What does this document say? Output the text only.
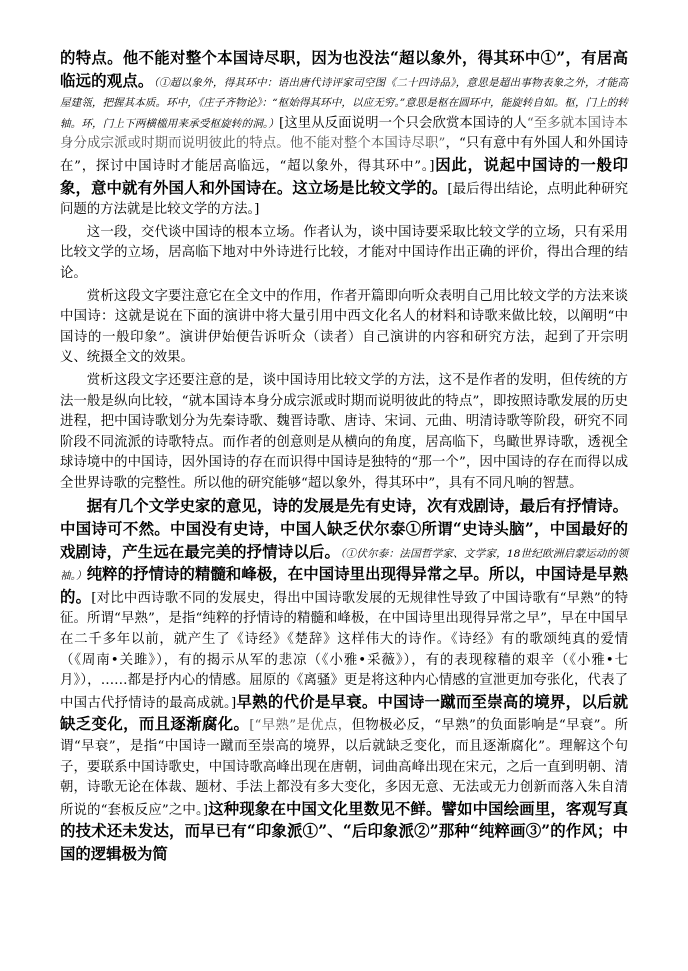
的特点。他不能对整个本国诗尽职，因为也没法“超以象外，得其环中①”，有居高临远的观点。（①超以象外，得其环中：语出唐代诗评家司空图《二十四诗品》，意思是超出事物表象之外，才能高屋建瓴，把握其本质。环中，《庄子齐物论》：“枢始得其环中，以应无穷。”意思是枢在圆环中，能旋转自如。枢，门上的转轴。环，门上下两横槛用来承受枢旋转的洞。）[这里从反面说明一个只会欣赏本国诗的人“至多就本国诗本身分成宗派或时期而说明彼此的特点。他不能对整个本国诗尽职”，“只有意中有外国人和外国诗在”，探讨中国诗时才能居高临远，“超以象外，得其环中”。]因此，说起中国诗的一般印象，意中就有外国人和外国诗在。这立场是比较文学的。[最后得出结论，点明此种研究问题的方法就是比较文学的方法。]

这一段，交代谈中国诗的根本立场。作者认为，谈中国诗要采取比较文学的立场，只有采用比较文学的立场，居高临下地对中外诗进行比较，才能对中国诗作出正确的评价，得出合理的结论。

赏析这段文字要注意它在全文中的作用，作者开篇即向听众表明自己用比较文学的方法来谈中国诗：这就是说在下面的演讲中将大量引用中西文化名人的材料和诗歌来做比较，以阐明“中国诗的一般印象”。演讲伊始便告诉听众（读者）自己演讲的内容和研究方法，起到了开宗明义、统摄全文的效果。

赏析这段文字还要注意的是，谈中国诗用比较文学的方法，这不是作者的发明，但传统的方法一般是纵向比较，“就本国诗本身分成宗派或时期而说明彼此的特点”，即按照诗歌发展的历史进程，把中国诗歌划分为先秦诗歌、魏晋诗歌、唐诗、宋词、元曲、明清诗歌等阶段，研究不同阶段不同流派的诗歌特点。而作者的创意则是从横向的角度，居高临下，鸟瞰世界诗歌，透视全球诗境中的中国诗，因外国诗的存在而识得中国诗是独特的“那一个”，因中国诗的存在而得以成全世界诗歌的完整性。所以他的研究能够“超以象外，得其环中”，具有不同凡响的智慧。

据有几个文学史家的意见，诗的发展是先有史诗，次有戏剧诗，最后有抒情诗。中国诗可不然。中国没有史诗，中国人缺乏伏尔泰①所谓“史诗头脑”，中国最好的戏剧诗，产生远在最完美的抒情诗以后。（①伏尔泰：法国哲学家、文学家，18世纪欧洲启蒙运动的领袖。）纯粹的抒情诗的精髓和峰极，在中国诗里出现得异常之早。所以，中国诗是早熟的。[对比中西诗歌不同的发展史，得出中国诗歌发展的无规律性导致了中国诗歌有“早熟”的特征。所谓“早熟”，是指“纯粹的抒情诗的精髓和峰极，在中国诗里出现得异常之早”，早在中国早在二千多年以前，就产生了《诗经》《楚辞》这样伟大的诗作。《诗经》有的歌颂纯真的爱情（《周南•关雎》），有的揭示从军的悲凉（《小雅•采薇》），有的表现稼穑的艰辛（《小雅•七月》），……都是抒内心的情感。屈原的《离骚》更是将这种内心情感的宣泄更加夸张化，代表了中国古代抒情诗的最高成就。]早熟的代价是早衰。中国诗一蹴而至崇高的境界，以后就缺乏变化，而且逐渐腐化。[“早熟”是优点，但物极必反，“早熟”的负面影响是“早衰”。所谓“早衰”，是指“中国诗一蹴而至崇高的境界，以后就缺乏变化，而且逐渐腐化”。理解这个句子，要联系中国诗歌史，中国诗歌高峰出现在唐朝，词曲高峰出现在宋元，之后一直到明朝、清朝，诗歌无论在体裁、题材、手法上都没有多大变化，多因无意、无法或无力创新而落入朱自清所说的“套板反应”之中。]这种现象在中国文化里数见不鲜。譬如中国绘画里，客观写真的技术还未发达，而早已有“印象派①”、“后印象派②”那种“纯粹画③”的作风；中国的逻辑极为简
